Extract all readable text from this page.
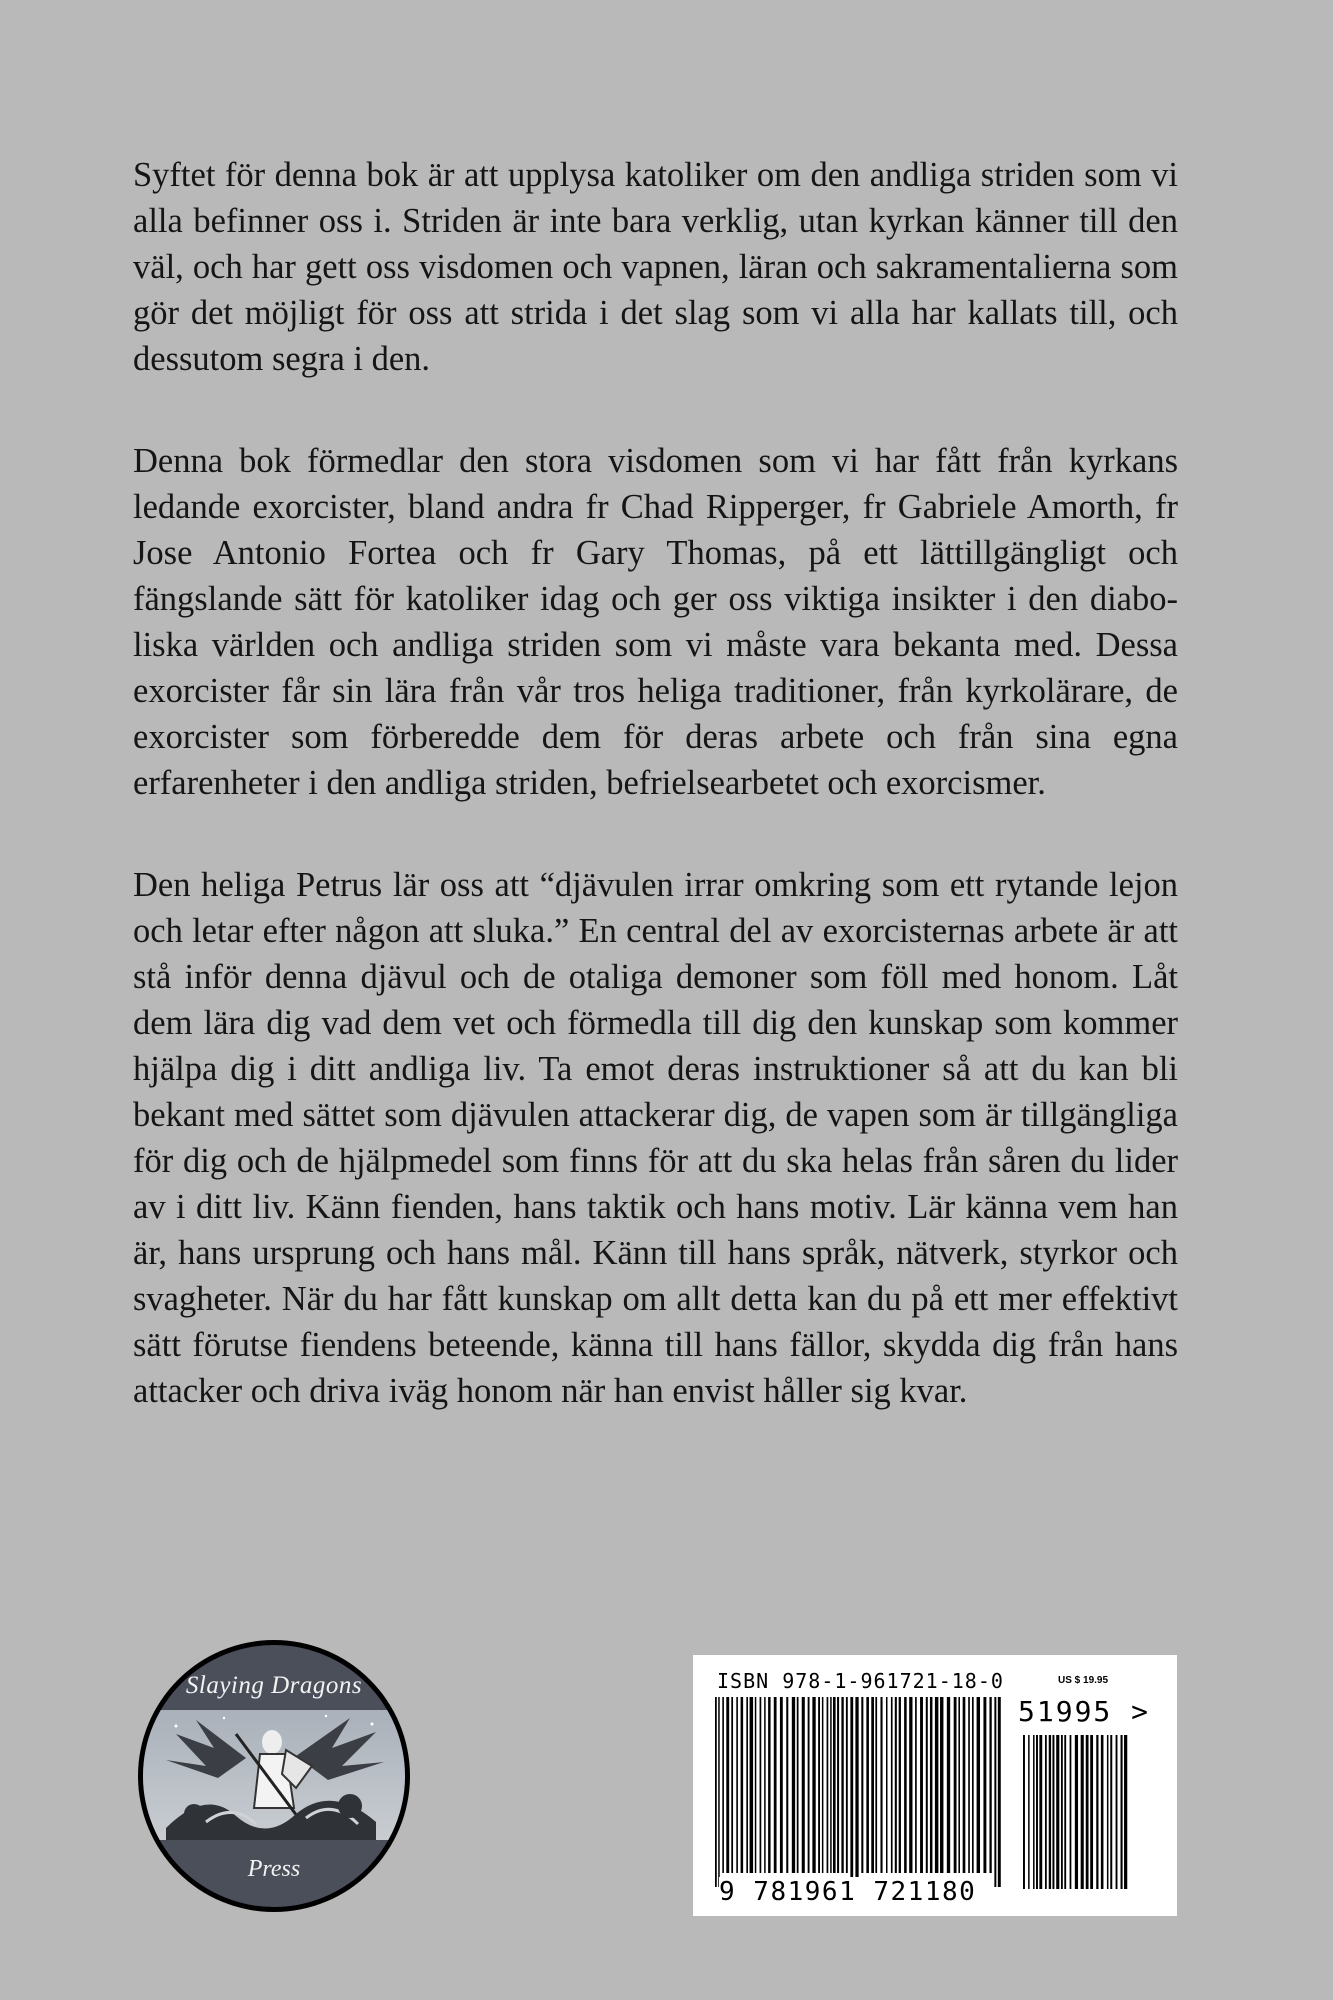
Syftet för denna bok är att upplysa katoliker om den andliga striden som vi alla befinner oss i. Striden är inte bara verklig, utan kyrkan känner till den väl, och har gett oss visdomen och vapnen, läran och sakramentalierna som gör det möjligt för oss att strida i det slag som vi alla har kallats till, och dessutom segra i den.

Denna bok förmedlar den stora visdomen som vi har fått från kyrkans ledande exorcister, bland andra fr Chad Ripperger, fr Gabriele Amorth, fr Jose Antonio Fortea och fr Gary Thomas, på ett lättillgängligt och fängslande sätt för katoliker idag och ger oss viktiga insikter i den diaboliska världen och andliga striden som vi måste vara bekanta med. Dessa exorcister får sin lära från vår tros heliga traditioner, från kyrkolärare, de exorcister som förberedde dem för deras arbete och från sina egna erfarenheter i den andliga striden, befrielsearbetet och exorcismer.

Den heliga Petrus lär oss att “djävulen irrar omkring som ett rytande lejon och letar efter någon att sluka.” En central del av exorcisternas arbete är att stå inför denna djävul och de otaliga demoner som föll med honom. Låt dem lära dig vad dem vet och förmedla till dig den kunskap som kommer hjälpa dig i ditt andliga liv. Ta emot deras instruktioner så att du kan bli bekant med sättet som djävulen attackerar dig, de vapen som är tillgängliga för dig och de hjälpmedel som finns för att du ska helas från såren du lider av i ditt liv. Känn fienden, hans taktik och hans motiv. Lär känna vem han är, hans ursprung och hans mål. Känn till hans språk, nätverk, styrkor och svagheter. När du har fått kunskap om allt detta kan du på ett mer effektivt sätt förutse fiendens beteende, känna till hans fällor, skydda dig från hans attacker och driva iväg honom när han envist håller sig kvar.

Slaying Dragons
Press
ISBN 978-1-961721-18-0	US $ 19.95
51995 >
9 781961 721180
